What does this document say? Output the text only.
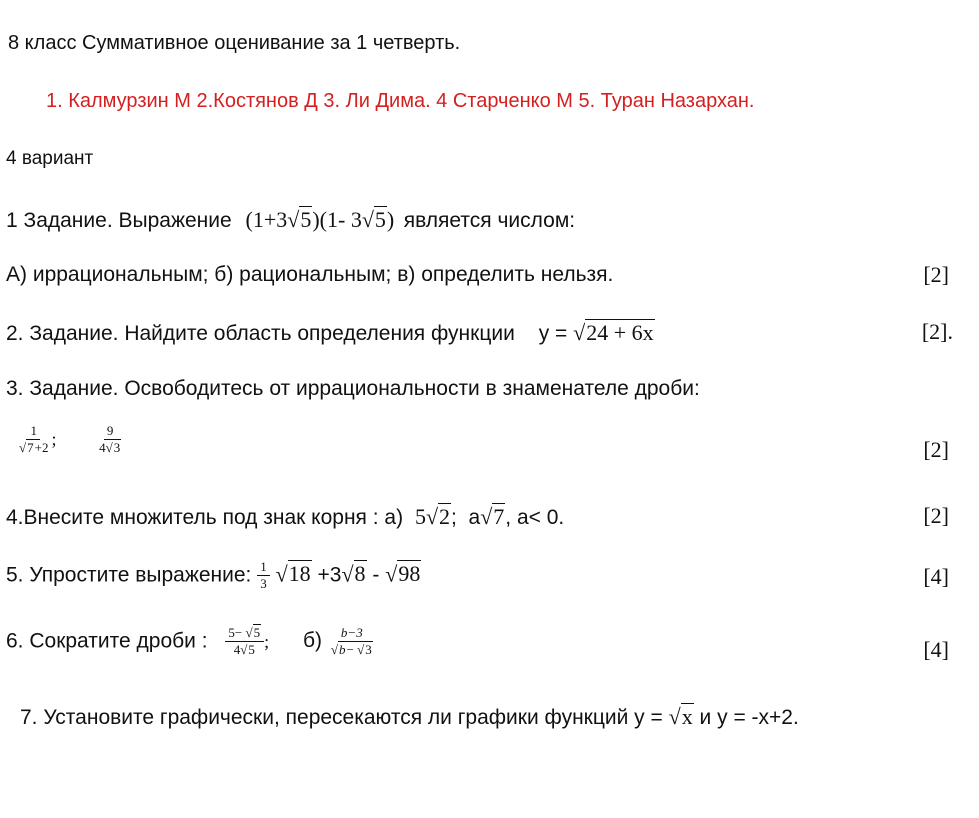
8 класс Суммативное оценивание за 1 четверть.
1. Калмурзин М 2.Костянов Д 3. Ли Дима. 4 Старченко М 5. Туран Назархан.
4 вариант
1 Задание. Выражение (1+3√5)(1- 3√5) является числом:
А) иррациональным; б) рациональным; в) определить нельзя.	[2]
2. Задание. Найдите область определения функции y = √24 + 6x	[2].
3. Задание. Освободитесь от иррациональности в знаменателе дроби:
$\frac{1}{√7+2}$ ;	$\frac{9}{4√3}$	[2]
4.Внесите множитель под знак корня : а) 5√2;  a√7, a< 0.	[2]
5. Упростите выражение: $\frac{1}{3} √18 +3√8 - √98$	[4]
6. Сократите дроби : $\frac{5- √5}{4√5}$ ; $б) \frac{b-3}{√b- √3}$	[4]
7. Установите графически, пересекаются ли графики функций y = √x и y = -x+2.
